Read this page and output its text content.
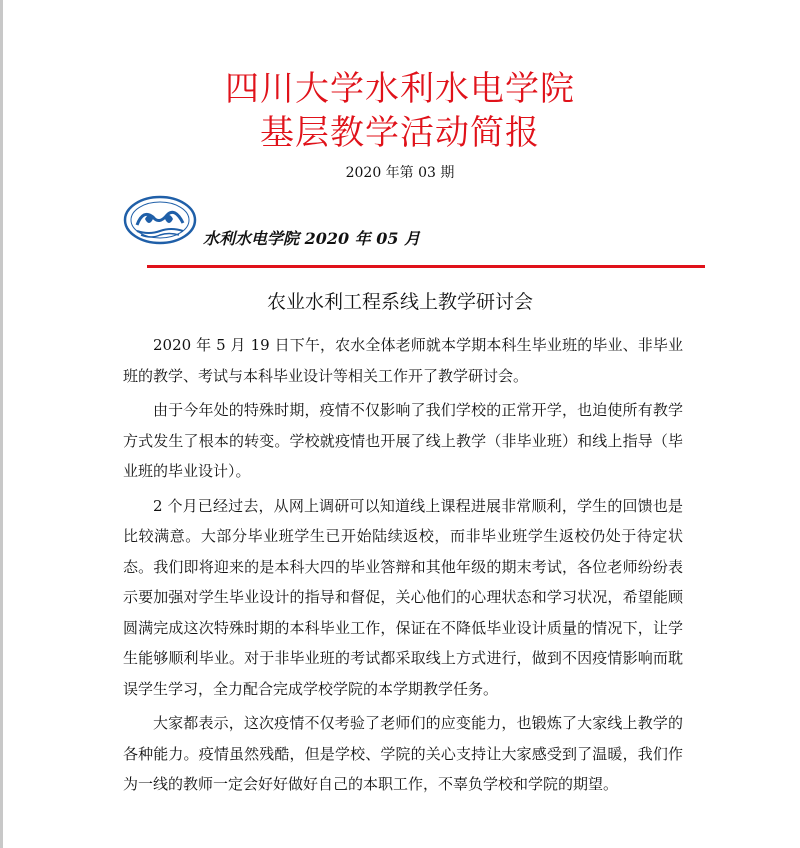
四川大学水利水电学院
基层教学活动简报
2020 年第 03 期
水利水电学院 2020 年 05 月
农业水利工程系线上教学研讨会

2020 年 5 月 19 日下午，农水全体老师就本学期本科生毕业班的毕业、非毕业班的教学、考试与本科毕业设计等相关工作开了教学研讨会。

由于今年处的特殊时期，疫情不仅影响了我们学校的正常开学，也迫使所有教学方式发生了根本的转变。学校就疫情也开展了线上教学（非毕业班）和线上指导（毕业班的毕业设计）。

2 个月已经过去，从网上调研可以知道线上课程进展非常顺利，学生的回馈也是比较满意。大部分毕业班学生已开始陆续返校，而非毕业班学生返校仍处于待定状态。我们即将迎来的是本科大四的毕业答辩和其他年级的期末考试，各位老师纷纷表示要加强对学生毕业设计的指导和督促，关心他们的心理状态和学习状况，希望能顾圆满完成这次特殊时期的本科毕业工作，保证在不降低毕业设计质量的情况下，让学生能够顺利毕业。对于非毕业班的考试都采取线上方式进行，做到不因疫情影响而耽误学生学习，全力配合完成学校学院的本学期教学任务。

大家都表示，这次疫情不仅考验了老师们的应变能力，也锻炼了大家线上教学的各种能力。疫情虽然残酷，但是学校、学院的关心支持让大家感受到了温暖，我们作为一线的教师一定会好好做好自己的本职工作，不辜负学校和学院的期望。
